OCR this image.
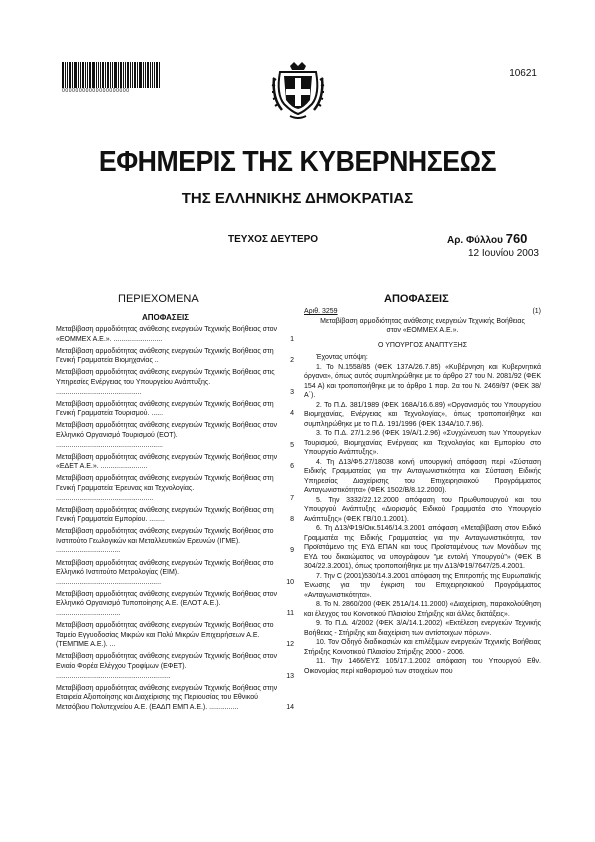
00000000000000000000
10621
ΕΦΗΜΕΡΙΣ ΤΗΣ ΚΥΒΕΡΝΗΣΕΩΣ
ΤΗΣ ΕΛΛΗΝΙΚΗΣ ΔΗΜΟΚΡΑΤΙΑΣ
ΤΕΥΧΟΣ ΔΕΥΤΕΡΟ	Αρ. Φύλλου 760
12 Ιουνίου 2003
ΠΕΡΙΕΧΟΜΕΝΑ	ΑΠΟΦΑΣΕΙΣ
ΑΠΟΦΑΣΕΙΣ
Μεταβίβαση αρμοδιότητας ανάθεσης ενεργειών Τεχνικής Βοήθειας στον «ΕΟΜΜΕΧ Α.Ε.». .........................	1
Μεταβίβαση αρμοδιότητας ανάθεσης ενεργειών Τεχνικής Βοήθειας στη Γενική Γραμματεία Βιομηχανίας ..	2
Μεταβίβαση αρμοδιότητας ανάθεσης ενεργειών Τεχνικής Βοήθειας στις Υπηρεσίες Ενέργειας του Υπουργείου Ανάπτυξης. ............................................	3
Μεταβίβαση αρμοδιότητας ανάθεσης ενεργειών Τεχνικής Βοήθειας στη Γενική Γραμματεία Τουρισμού. ......	4
Μεταβίβαση αρμοδιότητας ανάθεσης ενεργειών Τεχνικής Βοήθειας στον Ελληνικό Οργανισμό Τουρισμού (ΕΟΤ). .......................................................	5
Μεταβίβαση αρμοδιότητας ανάθεσης ενεργειών Τεχνικής Βοήθειας στην «ΕΔΕΤ Α.Ε.». ........................	6
Μεταβίβαση αρμοδιότητας ανάθεσης ενεργειών Τεχνικής Βοήθειας στη Γενική Γραμματεία Έρευνας και Τεχνολογίας. ..................................................	7
Μεταβίβαση αρμοδιότητας ανάθεσης ενεργειών Τεχνικής Βοήθειας στη Γενική Γραμματεία Εμπορίου. ........	8
Μεταβίβαση αρμοδιότητας ανάθεσης ενεργειών Τεχνικής Βοήθειας στο Ινστιτούτο Γεωλογικών και Μεταλλευτικών Ερευνών (ΙΓΜΕ). .................................	9
Μεταβίβαση αρμοδιότητας ανάθεσης ενεργειών Τεχνικής Βοήθειας στο Ελληνικό Ινστιτούτο Μετρολογίας (ΕΙΜ). ......................................................	10
Μεταβίβαση αρμοδιότητας ανάθεσης ενεργειών Τεχνικής Βοήθειας στον Ελληνικό Οργανισμό Τυποποίησης Α.Ε. (ΕΛΟΤ Α.Ε.). .................................	11
Μεταβίβαση αρμοδιότητας ανάθεσης ενεργειών Τεχνικής Βοήθειας στο Ταμείο Εγγυοδοσίας Μικρών και Πολύ Μικρών Επιχειρήσεων Α.Ε. (ΤΕΜΠΜΕ Α.Ε.). ...	12
Μεταβίβαση αρμοδιότητας ανάθεσης ενεργειών Τεχνικής Βοήθειας στον Ενιαίο Φορέα Ελέγχου Τροφίμων (ΕΦΕΤ). ...........................................................	13
Μεταβίβαση αρμοδιότητας ανάθεσης ενεργειών Τεχνικής Βοήθειας στην Εταιρεία Αξιοποίησης και Διαχείρισης της Περιουσίας του Εθνικού Μετσόβιου Πολυτεχνείου Α.Ε. (ΕΑΔΠ ΕΜΠ Α.Ε.). ...............	14
Αριθ. 3259	(1)
Μεταβίβαση αρμοδιότητας ανάθεσης ενεργειών Τεχνικής Βοήθειας στον «ΕΟΜΜΕΧ Α.Ε.».
Ο ΥΠΟΥΡΓΟΣ ΑΝΑΠΤΥΞΗΣ
Έχοντας υπόψη:
1. Το Ν.1558/85 (ΦΕΚ 137Α/26.7.85) «Κυβέρνηση και Κυβερνητικά όργανα», όπως αυτός συμπληρώθηκε με το άρθρο 27 του Ν. 2081/92 (ΦΕΚ 154 Α) και τροποποιήθηκε με το άρθρο 1 παρ. 2α του Ν. 2469/97 (ΦΕΚ 38/Α΄).
2. Το Π.Δ. 381/1989 (ΦΕΚ 168Α/16.6.89) «Οργανισμός του Υπουργείου Βιομηχανίας, Ενέργειας και Τεχνολογίας», όπως τροποποιήθηκε και συμπληρώθηκε με το Π.Δ. 191/1996 (ΦΕΚ 134Α/10.7.96).
3. Το Π.Δ. 27/1.2.96 (ΦΕΚ 19/Α/1.2.96) «Συγχώνευση των Υπουργείων Τουρισμού, Βιομηχανίας Ενέργειας και Τεχνολογίας και Εμπορίου στο Υπουργείο Ανάπτυξης».
4. Τη Δ13/Φ5.27/18038 κοινή υπουργική απόφαση περί «Σύσταση Ειδικής Γραμματείας για την Ανταγωνιστικότητα και Σύσταση Ειδικής Υπηρεσίας Διαχείρισης του Επιχειρησιακού Προγράμματος Ανταγωνιστικότητα» (ΦΕΚ 1502/Β/8.12.2000).
5. Την 3332/22.12.2000 απόφαση του Πρωθυπουργού και του Υπουργού Ανάπτυξης «Διορισμός Ειδικού Γραμματέα στο Υπουργείο Ανάπτυξης» (ΦΕΚ ΓΒ/10.1.2001).
6. Τη Δ13/Φ19/Οικ.5146/14.3.2001 απόφαση «Μεταβίβαση στον Ειδικό Γραμματέα της Ειδικής Γραμματείας για την Ανταγωνιστικότητα, τον Προϊστάμενο της ΕΥΔ ΕΠΑΝ και τους Προϊσταμένους των Μονάδων της ΕΥΔ του δικαιώματος να υπογράφουν "με εντολή Υπουργού"» (ΦΕΚ Β 304/22.3.2001), όπως τροποποιήθηκε με την Δ13/Φ19/7647/25.4.2001.
7. Την C (2001)530/14.3.2001 απόφαση της Επιτροπής της Ευρωπαϊκής Ένωσης για την έγκριση του Επιχειρησιακού Προγράμματος «Ανταγωνιστικότητα».
8. Το Ν. 2860/200 (ΦΕΚ 251Α/14.11.2000) «Διαχείριση, παρακολούθηση και έλεγχος του Κοινοτικού Πλαισίου Στήριξης και άλλες διατάξεις».
9. Το Π.Δ. 4/2002 (ΦΕΚ 3/Α/14.1.2002) «Εκτέλεση ενεργειών Τεχνικής Βοήθειας - Στήριξης και διαχείριση των αντίστοιχων πόρων».
10. Τον Οδηγό διαδικασιών και επιλέξιμων ενεργειών Τεχνικής Βοήθειας Στήριξης Κοινοτικού Πλαισίου Στήριξης 2000 - 2006.
11. Την 1466/ΕΥΣ 105/17.1.2002 απόφαση του Υπουργού Εθν. Οικονομίας περί καθορισμού των στοιχείων που
